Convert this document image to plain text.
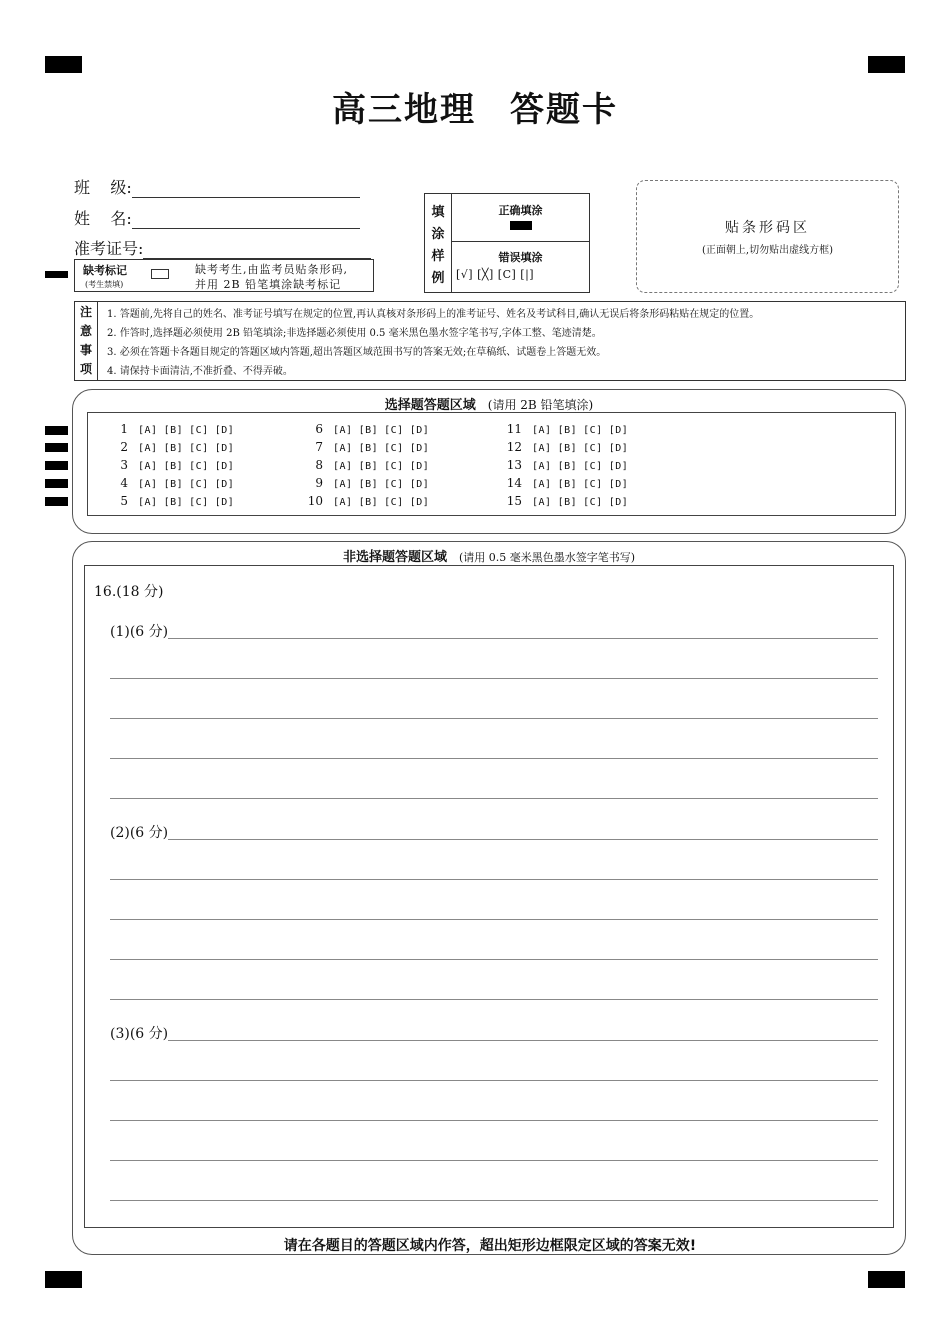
高三地理 答题卡
班    级:
姓    名:
准考证号:
缺考标记
(考生禁填)
缺考考生,由监考员贴条形码,
并用 2B 铅笔填涂缺考标记
填
涂
样
例
正确填涂
错误填涂
[√] [╳] [C] [|]
贴条形码区
(正面朝上,切勿贴出虚线方框)
注
意
事
项
1. 答题前,先将自己的姓名、准考证号填写在规定的位置,再认真核对条形码上的准考证号、姓名及考试科目,确认无误后将条形码粘贴在规定的位置。
2. 作答时,选择题必须使用 2B 铅笔填涂;非选择题必须使用 0.5 毫米黑色墨水签字笔书写,字体工整、笔迹清楚。
3. 必须在答题卡各题目规定的答题区域内答题,超出答题区域范围书写的答案无效;在草稿纸、试题卷上答题无效。
4. 请保持卡面清洁,不准折叠、不得弄破。
选择题答题区域 (请用 2B 铅笔填涂)
1 [A] [B] [C] [D]
2 [A] [B] [C] [D]
3 [A] [B] [C] [D]
4 [A] [B] [C] [D]
5 [A] [B] [C] [D]
6 [A] [B] [C] [D]
7 [A] [B] [C] [D]
8 [A] [B] [C] [D]
9 [A] [B] [C] [D]
10 [A] [B] [C] [D]
11 [A] [B] [C] [D]
12 [A] [B] [C] [D]
13 [A] [B] [C] [D]
14 [A] [B] [C] [D]
15 [A] [B] [C] [D]
非选择题答题区域 (请用 0.5 毫米黑色墨水签字笔书写)
16.(18 分)
(1)(6 分)
(2)(6 分)
(3)(6 分)
请在各题目的答题区域内作答，超出矩形边框限定区域的答案无效!
